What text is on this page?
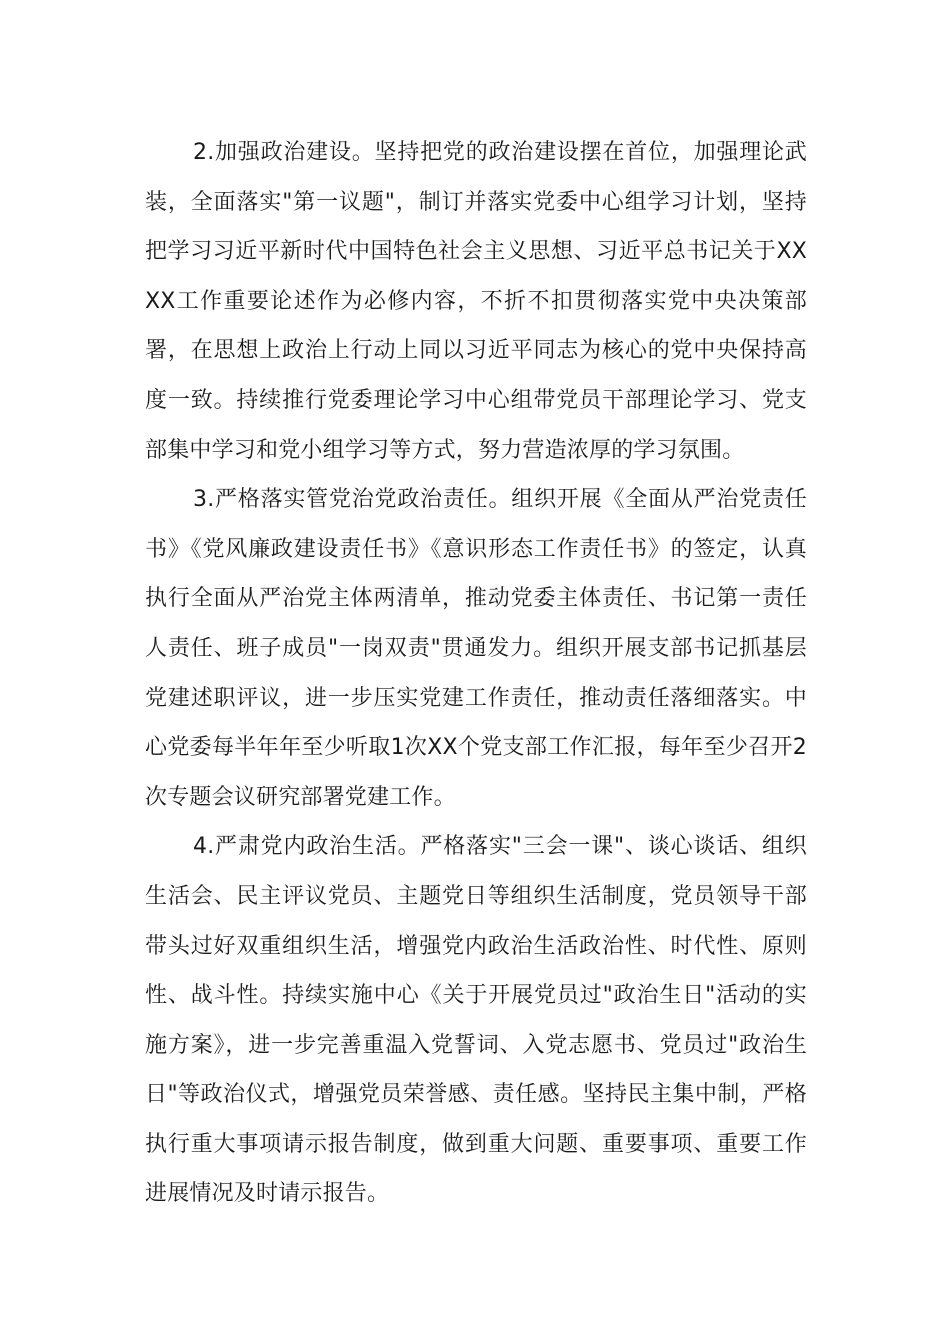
2.加强政治建设。坚持把党的政治建设摆在首位，加强理论武装，全面落实"第一议题"，制订并落实党委中心组学习计划，坚持把学习习近平新时代中国特色社会主义思想、习近平总书记关于XXXX工作重要论述作为必修内容，不折不扣贯彻落实党中央决策部署，在思想上政治上行动上同以习近平同志为核心的党中央保持高度一致。持续推行党委理论学习中心组带党员干部理论学习、党支部集中学习和党小组学习等方式，努力营造浓厚的学习氛围。

3.严格落实管党治党政治责任。组织开展《全面从严治党责任书》《党风廉政建设责任书》《意识形态工作责任书》的签定，认真执行全面从严治党主体两清单，推动党委主体责任、书记第一责任人责任、班子成员"一岗双责"贯通发力。组织开展支部书记抓基层党建述职评议，进一步压实党建工作责任，推动责任落细落实。中心党委每半年年至少听取1次XX个党支部工作汇报，每年至少召开2次专题会议研究部署党建工作。

4.严肃党内政治生活。严格落实"三会一课"、谈心谈话、组织生活会、民主评议党员、主题党日等组织生活制度，党员领导干部带头过好双重组织生活，增强党内政治生活政治性、时代性、原则性、战斗性。持续实施中心《关于开展党员过"政治生日"活动的实施方案》，进一步完善重温入党誓词、入党志愿书、党员过"政治生日"等政治仪式，增强党员荣誉感、责任感。坚持民主集中制，严格执行重大事项请示报告制度，做到重大问题、重要事项、重要工作进展情况及时请示报告。
